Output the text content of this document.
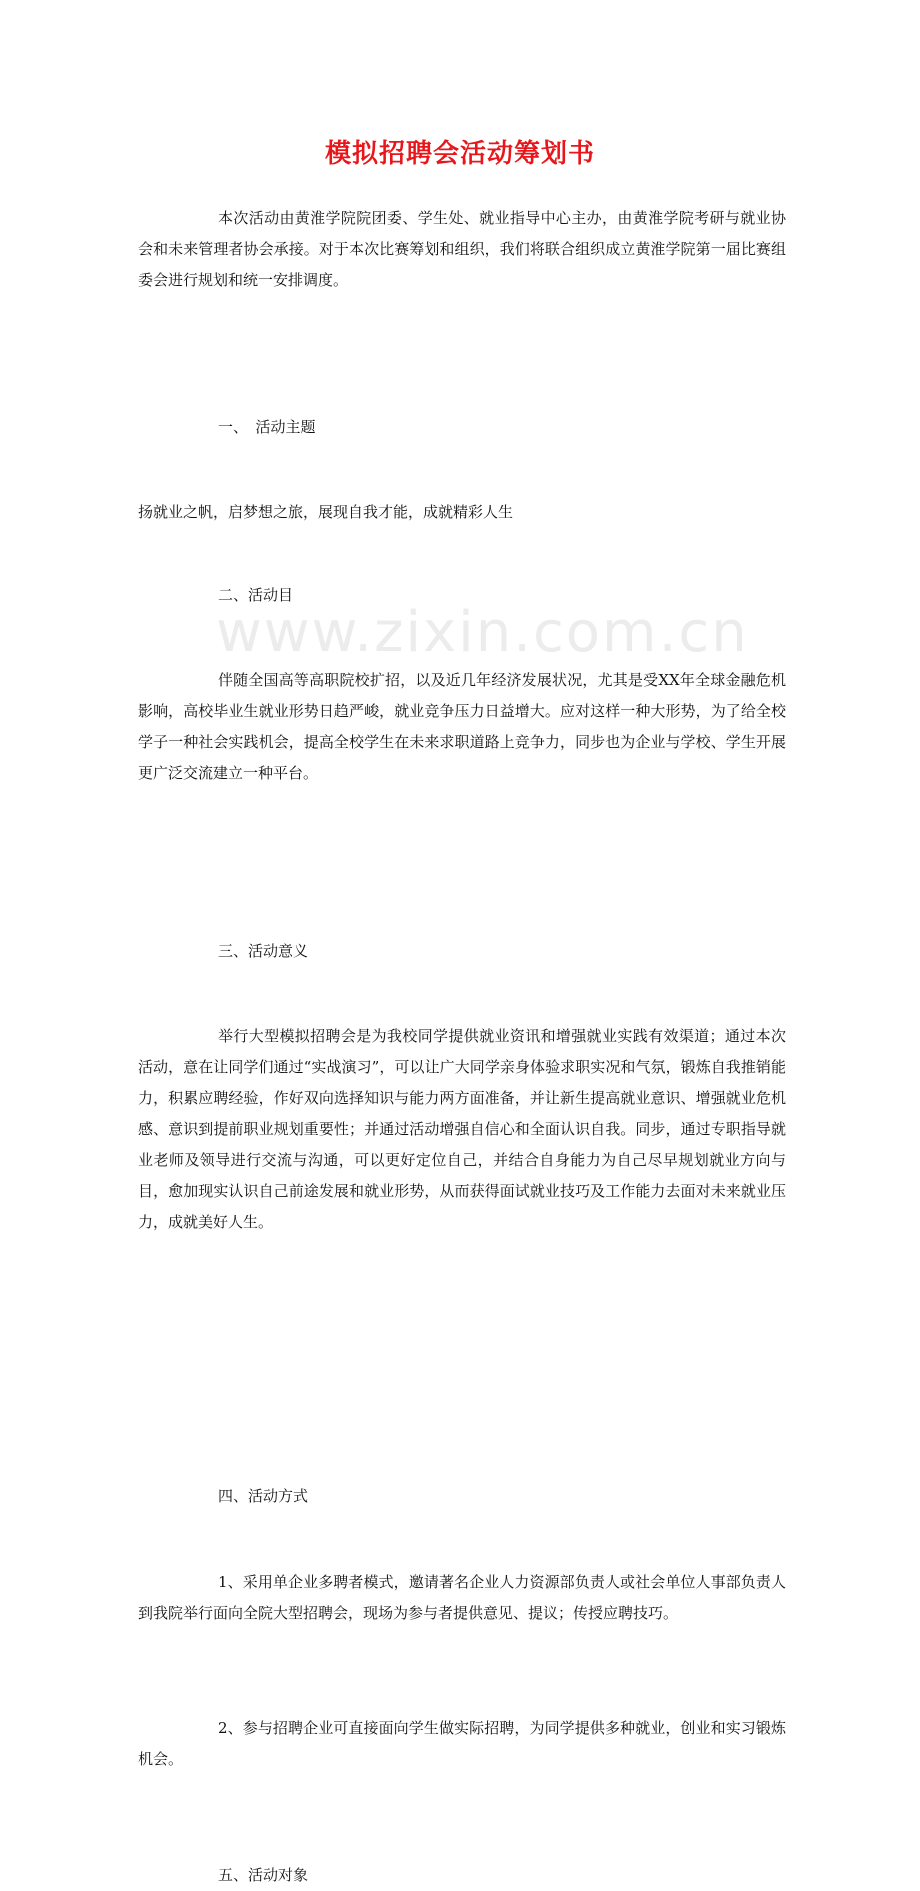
www.zixin.com.cn
模拟招聘会活动筹划书

本次活动由黄淮学院院团委、学生处、就业指导中心主办，由黄淮学院考研与就业协会和未来管理者协会承接。对于本次比赛筹划和组织，我们将联合组织成立黄淮学院第一届比赛组委会进行规划和统一安排调度。

一、　活动主题

扬就业之帆，启梦想之旅，展现自我才能，成就精彩人生

二、活动目

伴随全国高等高职院校扩招，以及近几年经济发展状况，尤其是受XX年全球金融危机影响，高校毕业生就业形势日趋严峻，就业竞争压力日益增大。应对这样一种大形势，为了给全校学子一种社会实践机会，提高全校学生在未来求职道路上竞争力，同步也为企业与学校、学生开展更广泛交流建立一种平台。

三、活动意义

举行大型模拟招聘会是为我校同学提供就业资讯和增强就业实践有效渠道；通过本次活动，意在让同学们通过“实战演习”，可以让广大同学亲身体验求职实况和气氛，锻炼自我推销能力，积累应聘经验，作好双向选择知识与能力两方面准备，并让新生提高就业意识、增强就业危机感、意识到提前职业规划重要性；并通过活动增强自信心和全面认识自我。同步，通过专职指导就业老师及领导进行交流与沟通，可以更好定位自己，并结合自身能力为自己尽早规划就业方向与目，愈加现实认识自己前途发展和就业形势，从而获得面试就业技巧及工作能力去面对未来就业压力，成就美好人生。

四、活动方式

1、采用单企业多聘者模式，邀请著名企业人力资源部负责人或社会单位人事部负责人到我院举行面向全院大型招聘会，现场为参与者提供意见、提议；传授应聘技巧。

2、参与招聘企业可直接面向学生做实际招聘，为同学提供多种就业，创业和实习锻炼机会。

五、活动对象
